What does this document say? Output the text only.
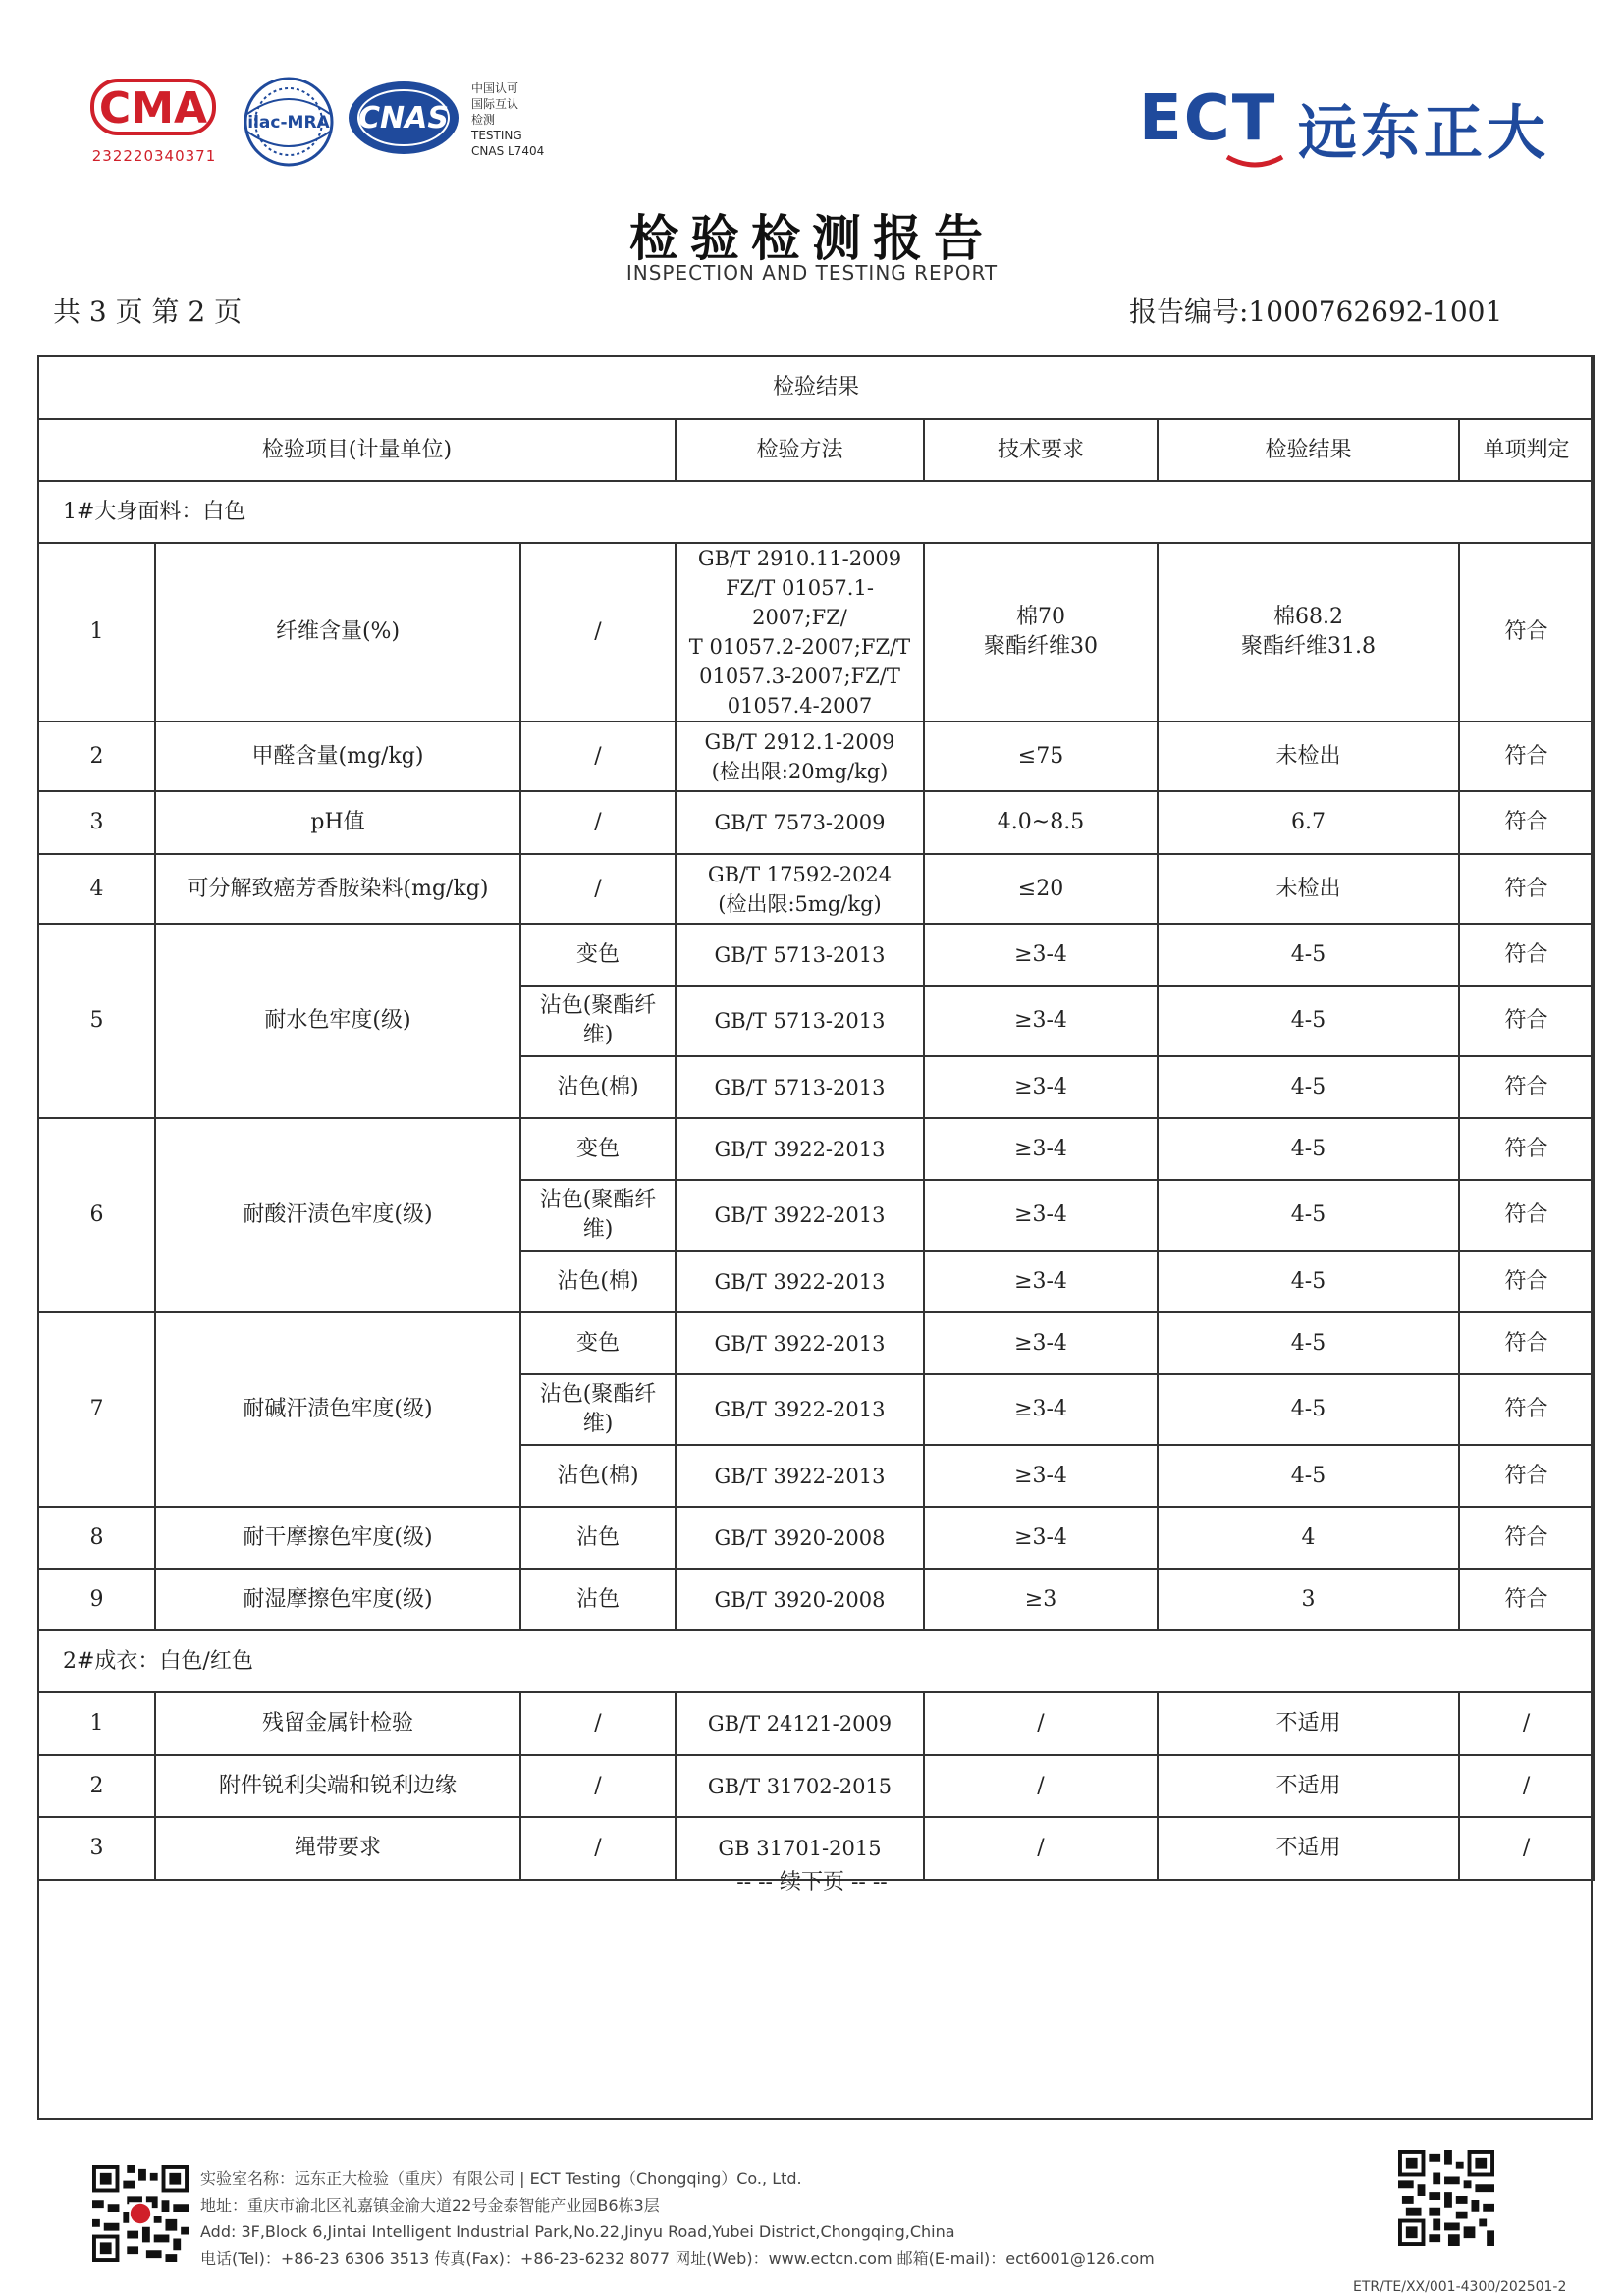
CMA
232220340371
ilac-MRA CNAS
中国认可
国际互认
检测
TESTING
CNAS L7404	ECT 远东正大
检验检测报告
INSPECTION AND TESTING REPORT
共 3 页 第 2 页	报告编号:1000762692-1001
检验结果						
检验项目(计量单位)			检验方法	技术要求	检验结果	单项判定
1#大身面料：白色						
1	纤维含量(%)	/	GB/T 2910.11-2009
FZ/T 01057.1-2007;FZ/
T 01057.2-2007;FZ/T
01057.3-2007;FZ/T
01057.4-2007	棉70
聚酯纤维30	棉68.2
聚酯纤维31.8	符合
2	甲醛含量(mg/kg)	/	GB/T 2912.1-2009
(检出限:20mg/kg)	≤75	未检出	符合
3	pH值	/	GB/T 7573-2009	4.0~8.5	6.7	符合
4	可分解致癌芳香胺染料(mg/kg)	/	GB/T 17592-2024
(检出限:5mg/kg)	≤20	未检出	符合
5	耐水色牢度(级)	变色	GB/T 5713-2013	≥3-4	4-5	符合

		沾色(聚酯纤
维)	GB/T 5713-2013	≥3-4	4-5	符合
		沾色(棉)	GB/T 5713-2013	≥3-4	4-5	符合
6	耐酸汗渍色牢度(级)	变色	GB/T 3922-2013	≥3-4	4-5	符合

		沾色(聚酯纤
维)	GB/T 3922-2013	≥3-4	4-5	符合
		沾色(棉)	GB/T 3922-2013	≥3-4	4-5	符合
7	耐碱汗渍色牢度(级)	变色	GB/T 3922-2013	≥3-4	4-5	符合

		沾色(聚酯纤
维)	GB/T 3922-2013	≥3-4	4-5	符合
		沾色(棉)	GB/T 3922-2013	≥3-4	4-5	符合
8	耐干摩擦色牢度(级)	沾色	GB/T 3920-2008	≥3-4	4	符合
9	耐湿摩擦色牢度(级)	沾色	GB/T 3920-2008	≥3	3	符合
2#成衣：白色/红色						
1	残留金属针检验	/	GB/T 24121-2009	/	不适用	/
2	附件锐利尖端和锐利边缘	/	GB/T 31702-2015	/	不适用	/
3	绳带要求	/	GB 31701-2015	/	不适用	/
-- -- 续下页 -- --
实验室名称：远东正大检验（重庆）有限公司 | ECT Testing（Chongqing）Co., Ltd.
地址：重庆市渝北区礼嘉镇金渝大道22号金泰智能产业园B6栋3层
Add: 3F,Block 6,Jintai Intelligent Industrial Park,No.22,Jinyu Road,Yubei District,Chongqing,China
电话(Tel)：+86-23 6306 3513 传真(Fax)：+86-23-6232 8077 网址(Web)：www.ectcn.com 邮箱(E-mail)：ect6001@126.com
ETR/TE/XX/001-4300/202501-2
